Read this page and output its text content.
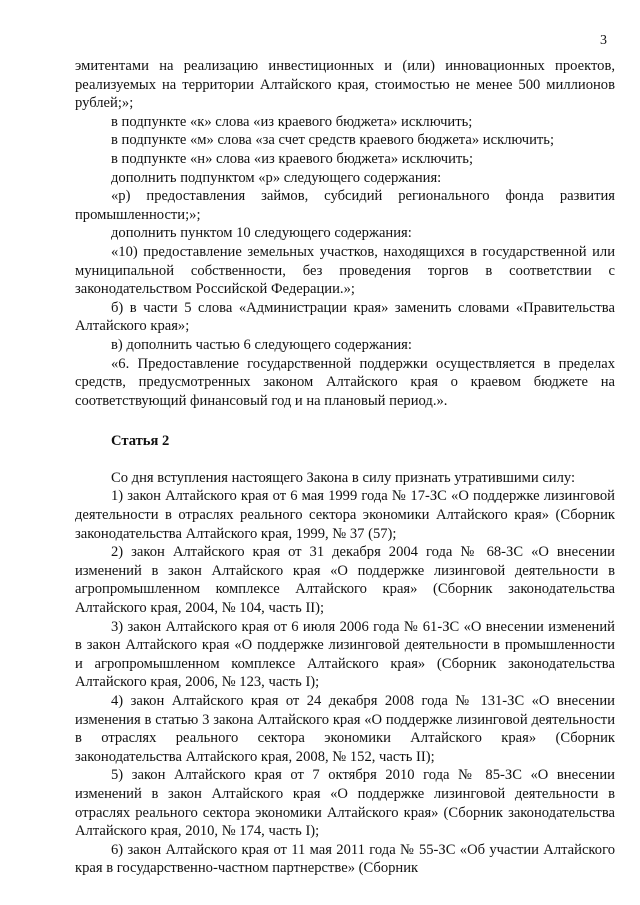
3

эмитентами на реализацию инвестиционных и (или) инновационных проектов, реализуемых на территории Алтайского края, стоимостью не менее 500 миллионов рублей;»;

в подпункте «к» слова «из краевого бюджета» исключить;

в подпункте «м» слова «за счет средств краевого бюджета» исключить;

в подпункте «н» слова «из краевого бюджета» исключить;

дополнить подпунктом «р» следующего содержания:

«р) предоставления займов, субсидий регионального фонда развития промышленности;»;

дополнить пунктом 10 следующего содержания:

«10) предоставление земельных участков, находящихся в государственной или муниципальной собственности, без проведения торгов в соответствии с законодательством Российской Федерации.»;

б) в части 5 слова «Администрации края» заменить словами «Правительства Алтайского края»;

в) дополнить частью 6 следующего содержания:

«6. Предоставление государственной поддержки осуществляется в пределах средств, предусмотренных законом Алтайского края о краевом бюджете на соответствующий финансовый год и на плановый период.».

Статья 2

Со дня вступления настоящего Закона в силу признать утратившими силу:

1) закон Алтайского края от 6 мая 1999 года № 17-ЗС «О поддержке лизинговой деятельности в отраслях реального сектора экономики Алтайского края» (Сборник законодательства Алтайского края, 1999, № 37 (57);

2) закон Алтайского края от 31 декабря 2004 года № 68-ЗС «О внесении изменений в закон Алтайского края «О поддержке лизинговой деятельности в агропромышленном комплексе Алтайского края» (Сборник законодательства Алтайского края, 2004, № 104, часть II);

3) закон Алтайского края от 6 июля 2006 года № 61-ЗС «О внесении изменений в закон Алтайского края «О поддержке лизинговой деятельности в промышленности и агропромышленном комплексе Алтайского края» (Сборник законодательства Алтайского края, 2006, № 123, часть I);

4) закон Алтайского края от 24 декабря 2008 года № 131-ЗС «О внесении изменения в статью 3 закона Алтайского края «О поддержке лизинговой деятельности в отраслях реального сектора экономики Алтайского края» (Сборник законодательства Алтайского края, 2008, № 152, часть II);

5) закон Алтайского края от 7 октября 2010 года № 85-ЗС «О внесении изменений в закон Алтайского края «О поддержке лизинговой деятельности в отраслях реального сектора экономики Алтайского края» (Сборник законодательства Алтайского края, 2010, № 174, часть I);

6) закон Алтайского края от 11 мая 2011 года № 55-ЗС «Об участии Алтайского края в государственно-частном партнерстве» (Сборник
